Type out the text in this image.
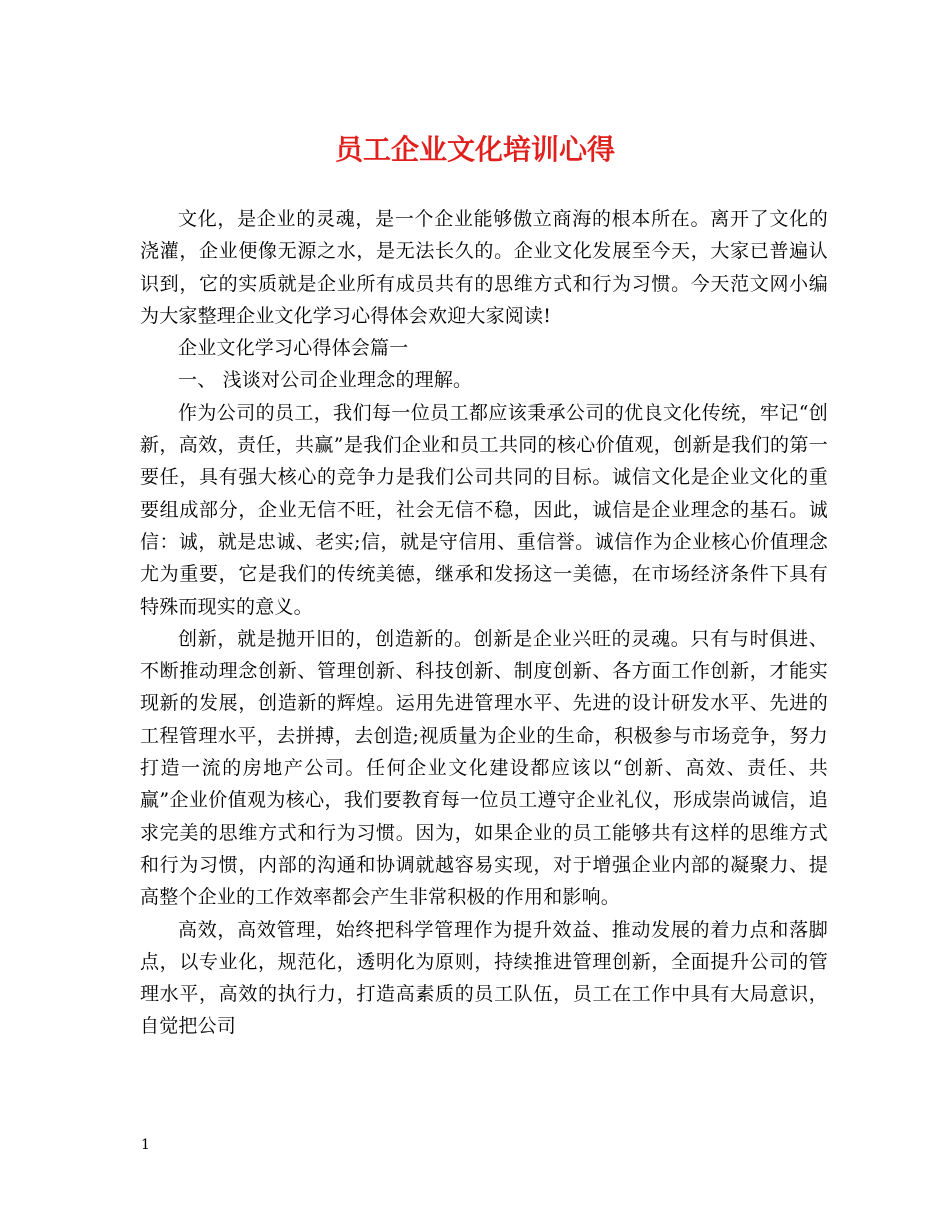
员工企业文化培训心得

文化，是企业的灵魂，是一个企业能够傲立商海的根本所在。离开了文化的浇灌，企业便像无源之水，是无法长久的。企业文化发展至今天，大家已普遍认识到，它的实质就是企业所有成员共有的思维方式和行为习惯。今天范文网小编为大家整理企业文化学习心得体会欢迎大家阅读!

企业文化学习心得体会篇一

一、 浅谈对公司企业理念的理解。

作为公司的员工，我们每一位员工都应该秉承公司的优良文化传统，牢记“创新，高效，责任，共赢”是我们企业和员工共同的核心价值观，创新是我们的第一要任，具有强大核心的竞争力是我们公司共同的目标。诚信文化是企业文化的重要组成部分，企业无信不旺，社会无信不稳，因此，诚信是企业理念的基石。诚信：诚，就是忠诚、老实;信，就是守信用、重信誉。诚信作为企业核心价值理念尤为重要，它是我们的传统美德，继承和发扬这一美德，在市场经济条件下具有特殊而现实的意义。

创新，就是抛开旧的，创造新的。创新是企业兴旺的灵魂。只有与时俱进、不断推动理念创新、管理创新、科技创新、制度创新、各方面工作创新，才能实现新的发展，创造新的辉煌。运用先进管理水平、先进的设计研发水平、先进的工程管理水平，去拼搏，去创造;视质量为企业的生命，积极参与市场竞争，努力打造一流的房地产公司。任何企业文化建设都应该以“创新、高效、责任、共赢”企业价值观为核心，我们要教育每一位员工遵守企业礼仪，形成崇尚诚信，追求完美的思维方式和行为习惯。因为，如果企业的员工能够共有这样的思维方式和行为习惯，内部的沟通和协调就越容易实现，对于增强企业内部的凝聚力、提高整个企业的工作效率都会产生非常积极的作用和影响。

高效，高效管理，始终把科学管理作为提升效益、推动发展的着力点和落脚点，以专业化，规范化，透明化为原则，持续推进管理创新，全面提升公司的管理水平，高效的执行力，打造高素质的员工队伍，员工在工作中具有大局意识，自觉把公司

1
